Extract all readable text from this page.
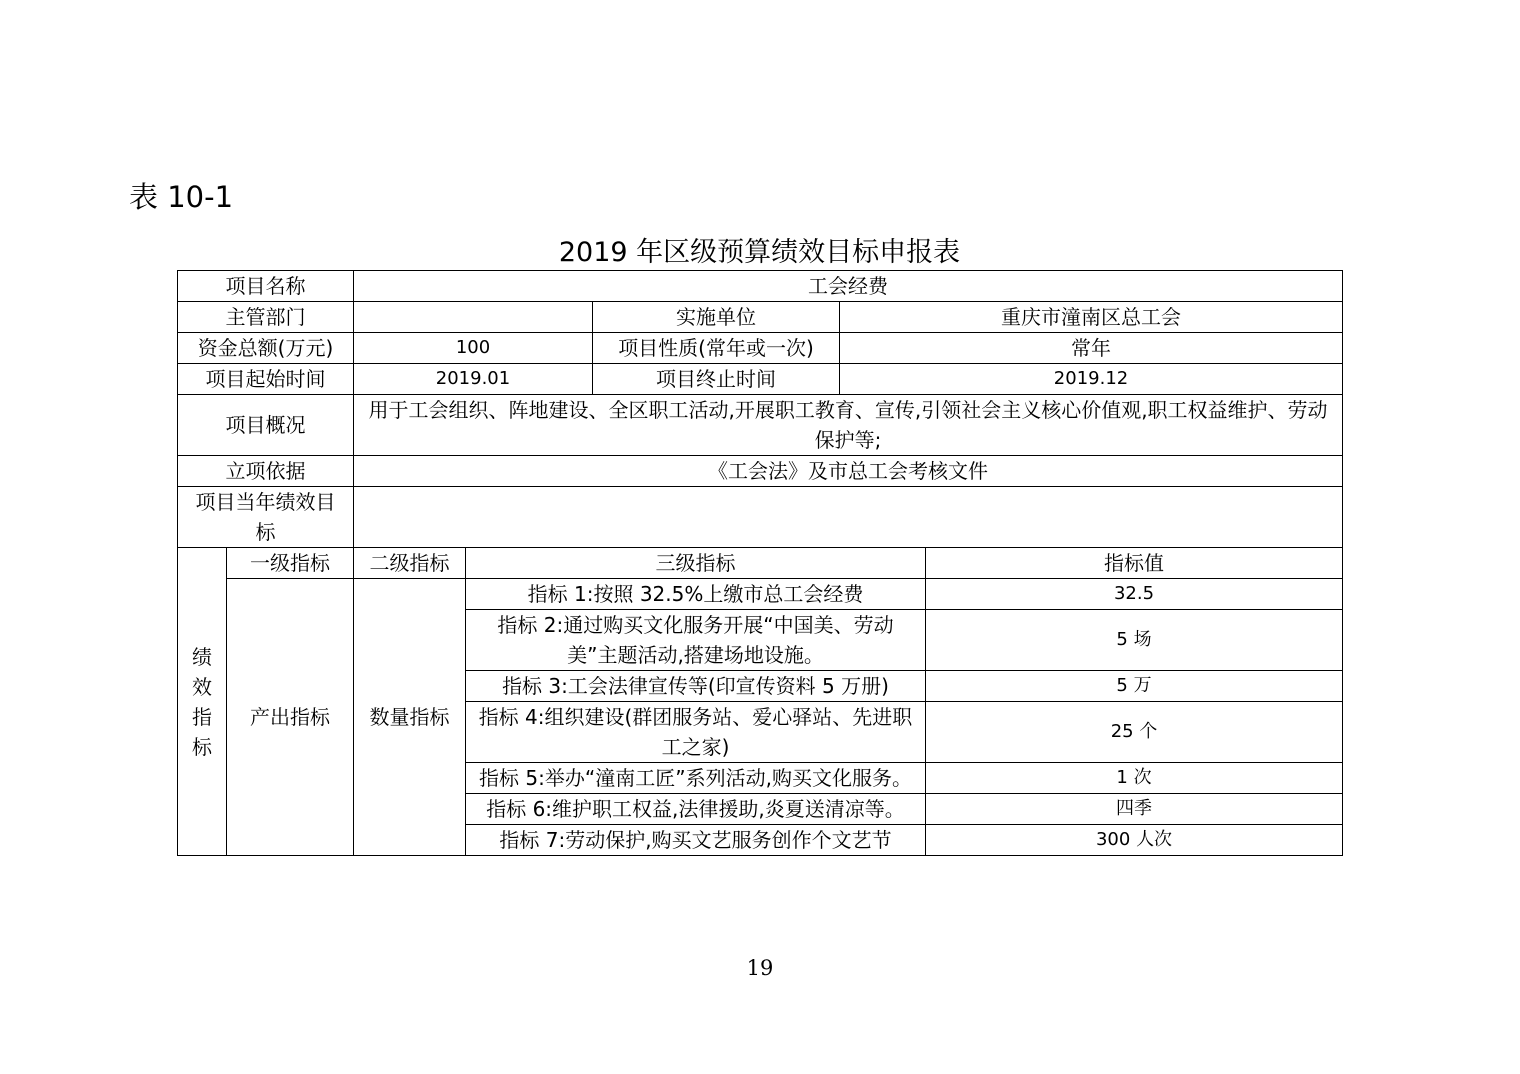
表 10-1
2019 年区级预算绩效目标申报表
项目名称		工会经费				
主管部门				实施单位	重庆市潼南区总工会	
资金总额(万元)		100		项目性质(常年或一次)	常年	
项目起始时间		2019.01		项目终止时间	2019.12	
项目概况		用于工会组织、阵地建设、全区职工活动,开展职工教育、宣传,引领社会主义核心价值观,职工权益维护、劳动保护等;				
立项依据		《工会法》及市总工会考核文件				
项目当年绩效目标						

绩
效
指
标	一级指标	二级指标	三级指标			指标值
	产出指标	数量指标	指标 1:按照 32.5%上缴市总工会经费			32.5
			指标 2:通过购买文化服务开展“中国美、劳动美”主题活动,搭建场地设施。			5 场
			指标 3:工会法律宣传等(印宣传资料 5 万册)			5 万
			指标 4:组织建设(群团服务站、爱心驿站、先进职工之家)			25 个
			指标 5:举办“潼南工匠”系列活动,购买文化服务。			1 次
			指标 6:维护职工权益,法律援助,炎夏送清凉等。			四季
			指标 7:劳动保护,购买文艺服务创作个文艺节			300 人次
19
